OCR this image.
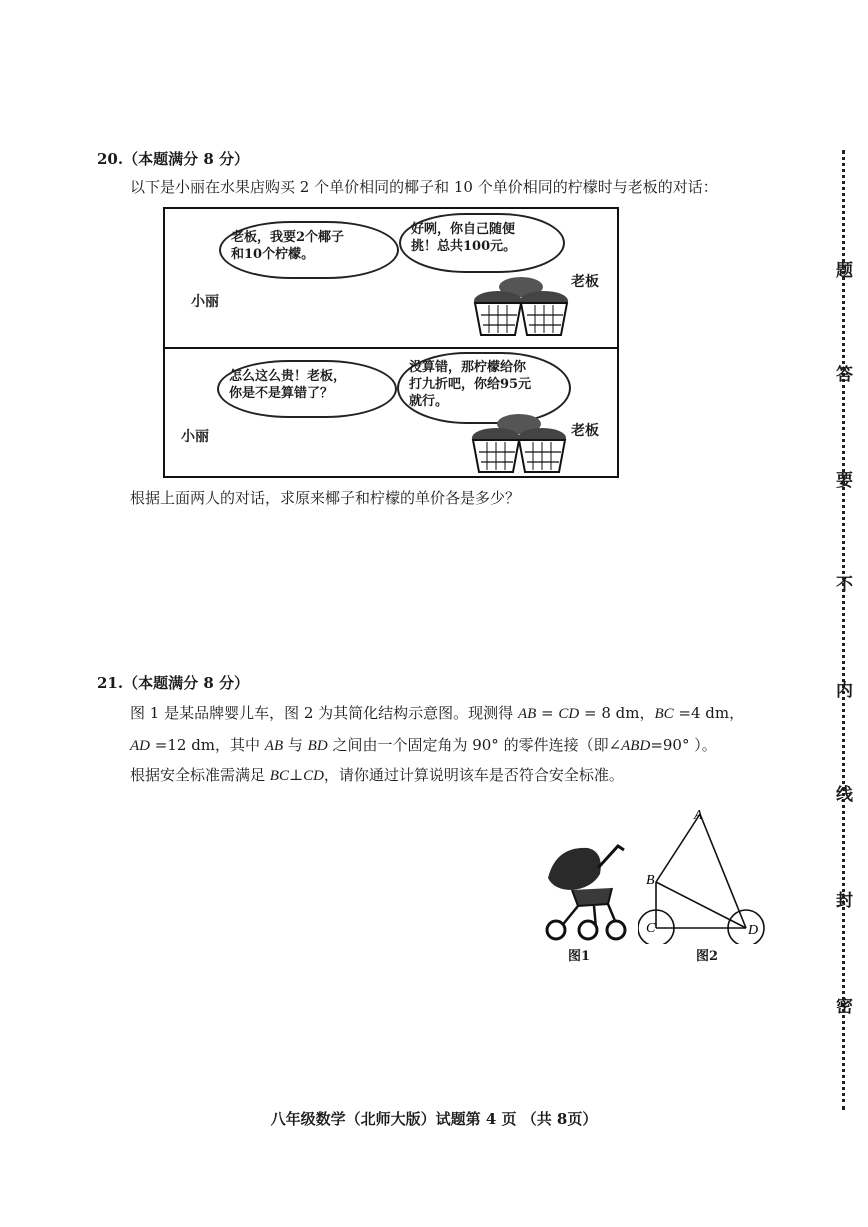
20.（本题满分 8 分）
以下是小丽在水果店购买 2 个单价相同的椰子和 10 个单价相同的柠檬时与老板的对话：
老板，我要2个椰子
和10个柠檬。
好咧，你自己随便
挑！总共100元。
小丽
老板
怎么这么贵！老板，
你是不是算错了？
没算错，那柠檬给你
打九折吧，你给95元
就行。
小丽	老板
根据上面两人的对话，求原来椰子和柠檬的单价各是多少？
21.（本题满分 8 分）
图 1 是某品牌婴儿车，图 2 为其简化结构示意图。现测得 AB = CD = 8 dm，BC =4 dm，
AD =12 dm，其中 AB 与 BD 之间由一个固定角为 90° 的零件连接（即∠ABD=90° ）。
根据安全标准需满足 BC⊥CD，请你通过计算说明该车是否符合安全标准。
图1
A
B
C	D
图2
题
答
要
不
内
线
封
密
八年级数学（北师大版）试题第 4 页 （共 8页）
